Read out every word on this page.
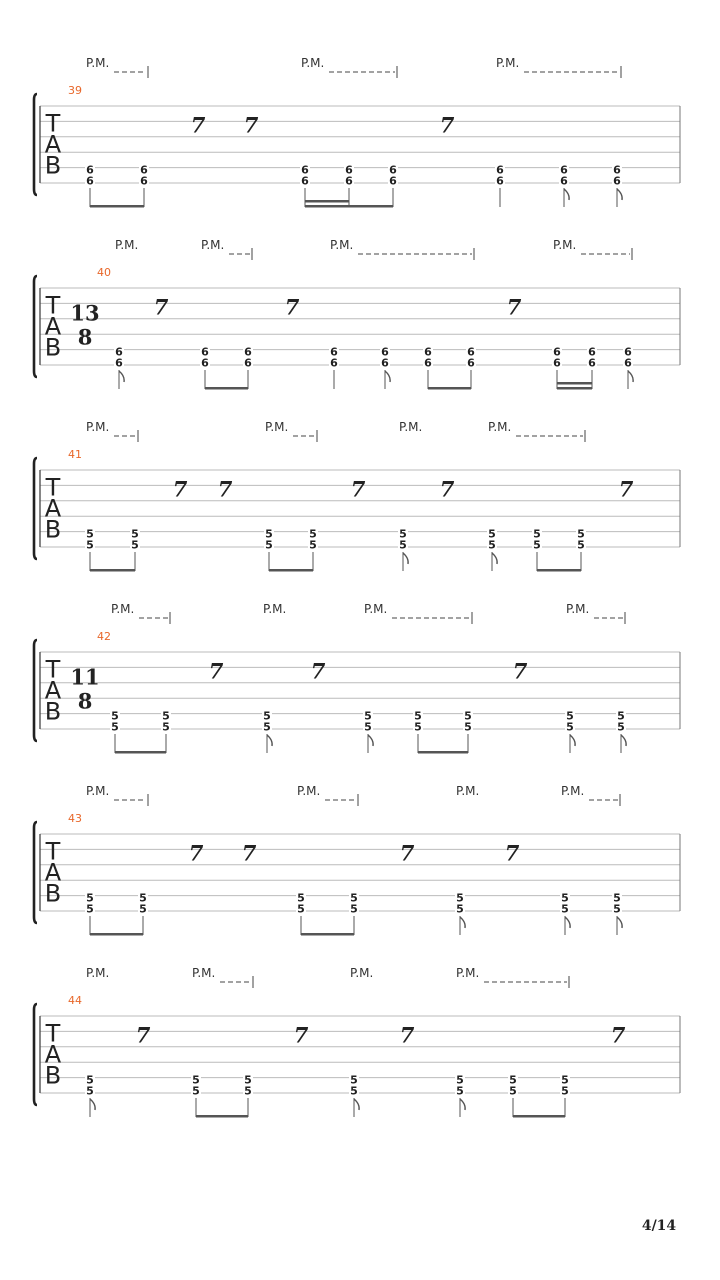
T
A
B
39
P.M.	P.M.	P.M.
7 7	7
6
6
6
6
6
6
6
6
6
6
6
6
6
6
6
6
T
A
B
40
13
8
P.M.	P.M.	P.M.	P.M.
7	7	7
6
6
6
6
6
6
6
6
6
6
6
6
6
6
6
6
6
6
6
6
T
A
B
41
P.M.	P.M.	P.M.	P.M.
7 7	7	7	7
5
5
5
5
5
5
5
5
5
5
5
5
5
5
5
5
T
A
B
42
11
8
P.M.	P.M.	P.M.	P.M.
7	7	7
5
5
5
5
5
5
5
5
5
5
5
5
5
5
5
5
T
A
B
43
P.M.	P.M.	P.M.	P.M.
7 7	7	7
5
5
5
5
5
5
5
5
5
5
5
5
5
5
T
A
B
44
P.M.	P.M.	P.M.	P.M.
7	7	7	7
5
5
5
5
5
5
5
5
5
5
5
5
5
5
4/14
